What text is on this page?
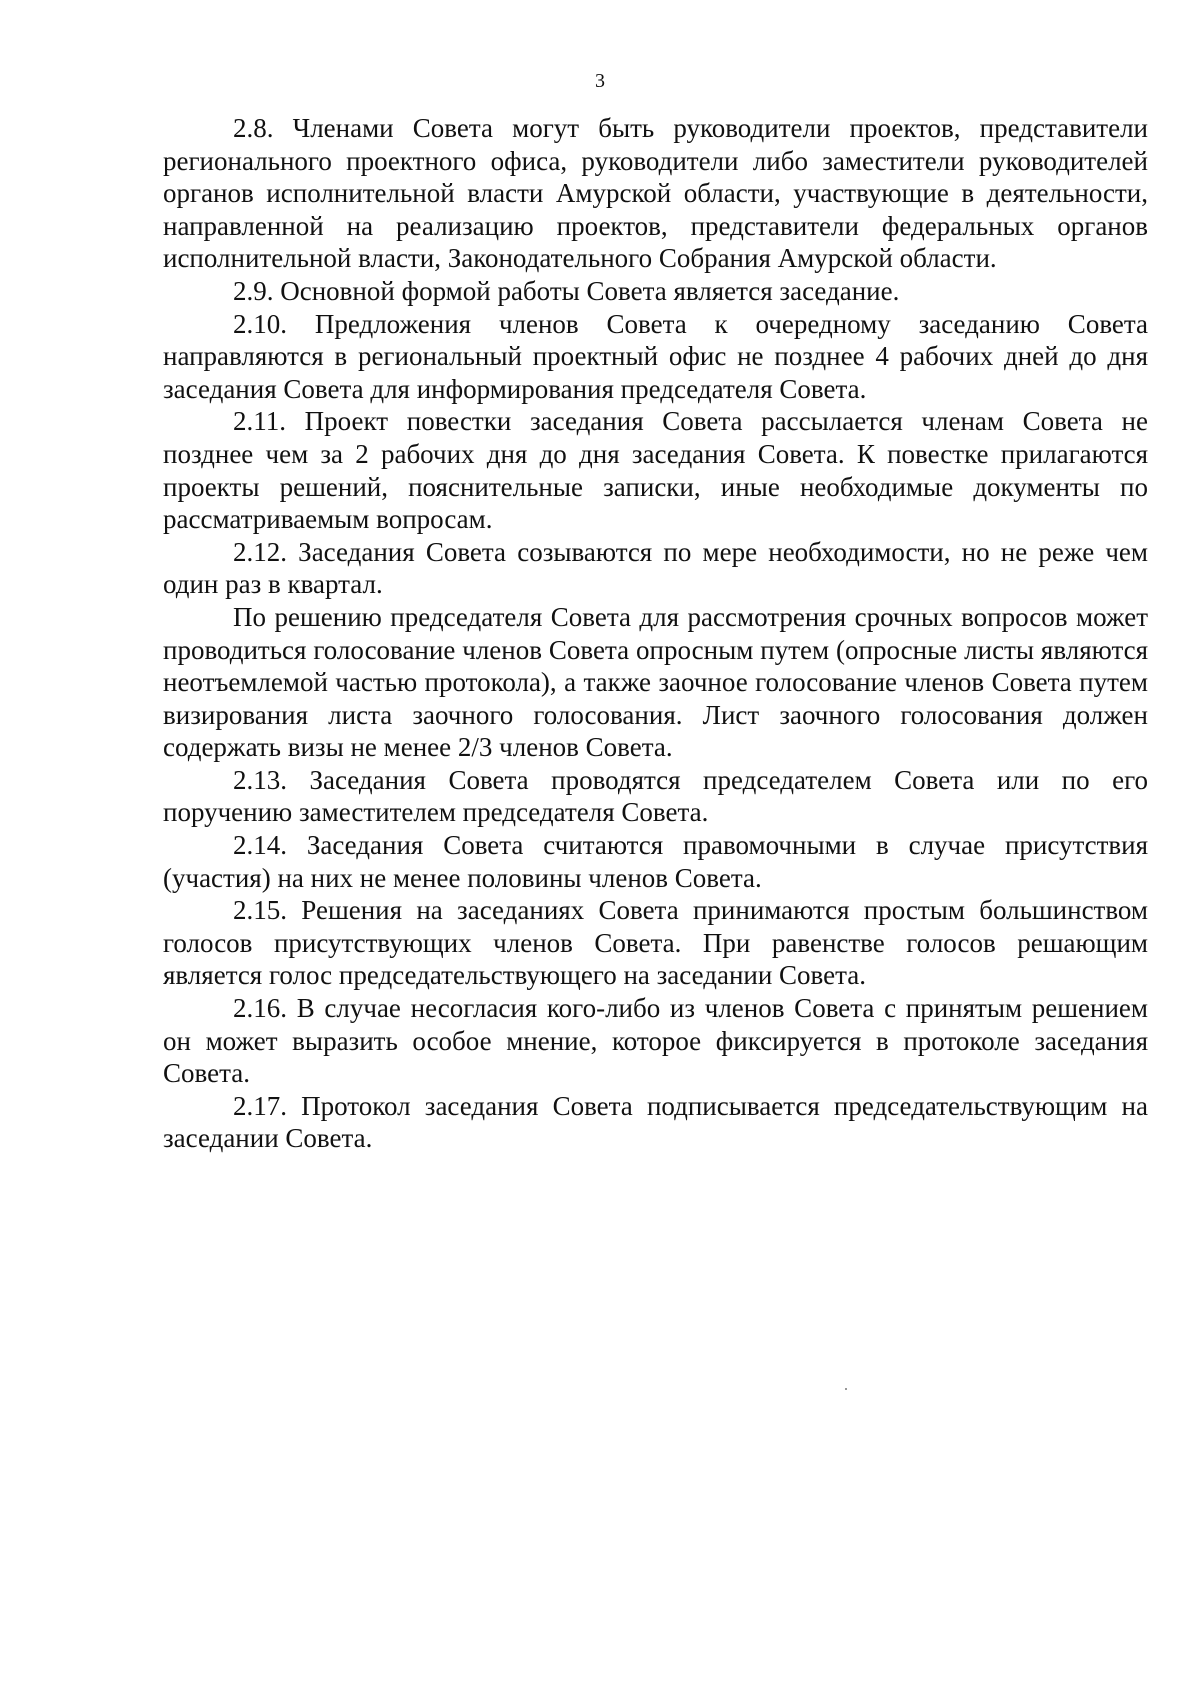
3

2.8. Членами Совета могут быть руководители проектов, представители регионального проектного офиса, руководители либо заместители руководителей органов исполнительной власти Амурской области, участвующие в деятельности, направленной на реализацию проектов, представители федеральных органов исполнительной власти, Законодательного Собрания Амурской области.

2.9. Основной формой работы Совета является заседание.

2.10. Предложения членов Совета к очередному заседанию Совета направляются в региональный проектный офис не позднее 4 рабочих дней до дня заседания Совета для информирования председателя Совета.

2.11. Проект повестки заседания Совета рассылается членам Совета не позднее чем за 2 рабочих дня до дня заседания Совета. К повестке прилагаются проекты решений, пояснительные записки, иные необходимые документы по рассматриваемым вопросам.

2.12. Заседания Совета созываются по мере необходимости, но не реже чем один раз в квартал.

По решению председателя Совета для рассмотрения срочных вопросов может проводиться голосование членов Совета опросным путем (опросные листы являются неотъемлемой частью протокола), а также заочное голосование членов Совета путем визирования листа заочного голосования. Лист заочного голосования должен содержать визы не менее 2/3 членов Совета.

2.13. Заседания Совета проводятся председателем Совета или по его поручению заместителем председателя Совета.

2.14. Заседания Совета считаются правомочными в случае присутствия (участия) на них не менее половины членов Совета.

2.15. Решения на заседаниях Совета принимаются простым большинством голосов присутствующих членов Совета. При равенстве голосов решающим является голос председательствующего на заседании Совета.

2.16. В случае несогласия кого-либо из членов Совета с принятым решением он может выразить особое мнение, которое фиксируется в протоколе заседания Совета.

2.17. Протокол заседания Совета подписывается председательствующим на заседании Совета.
